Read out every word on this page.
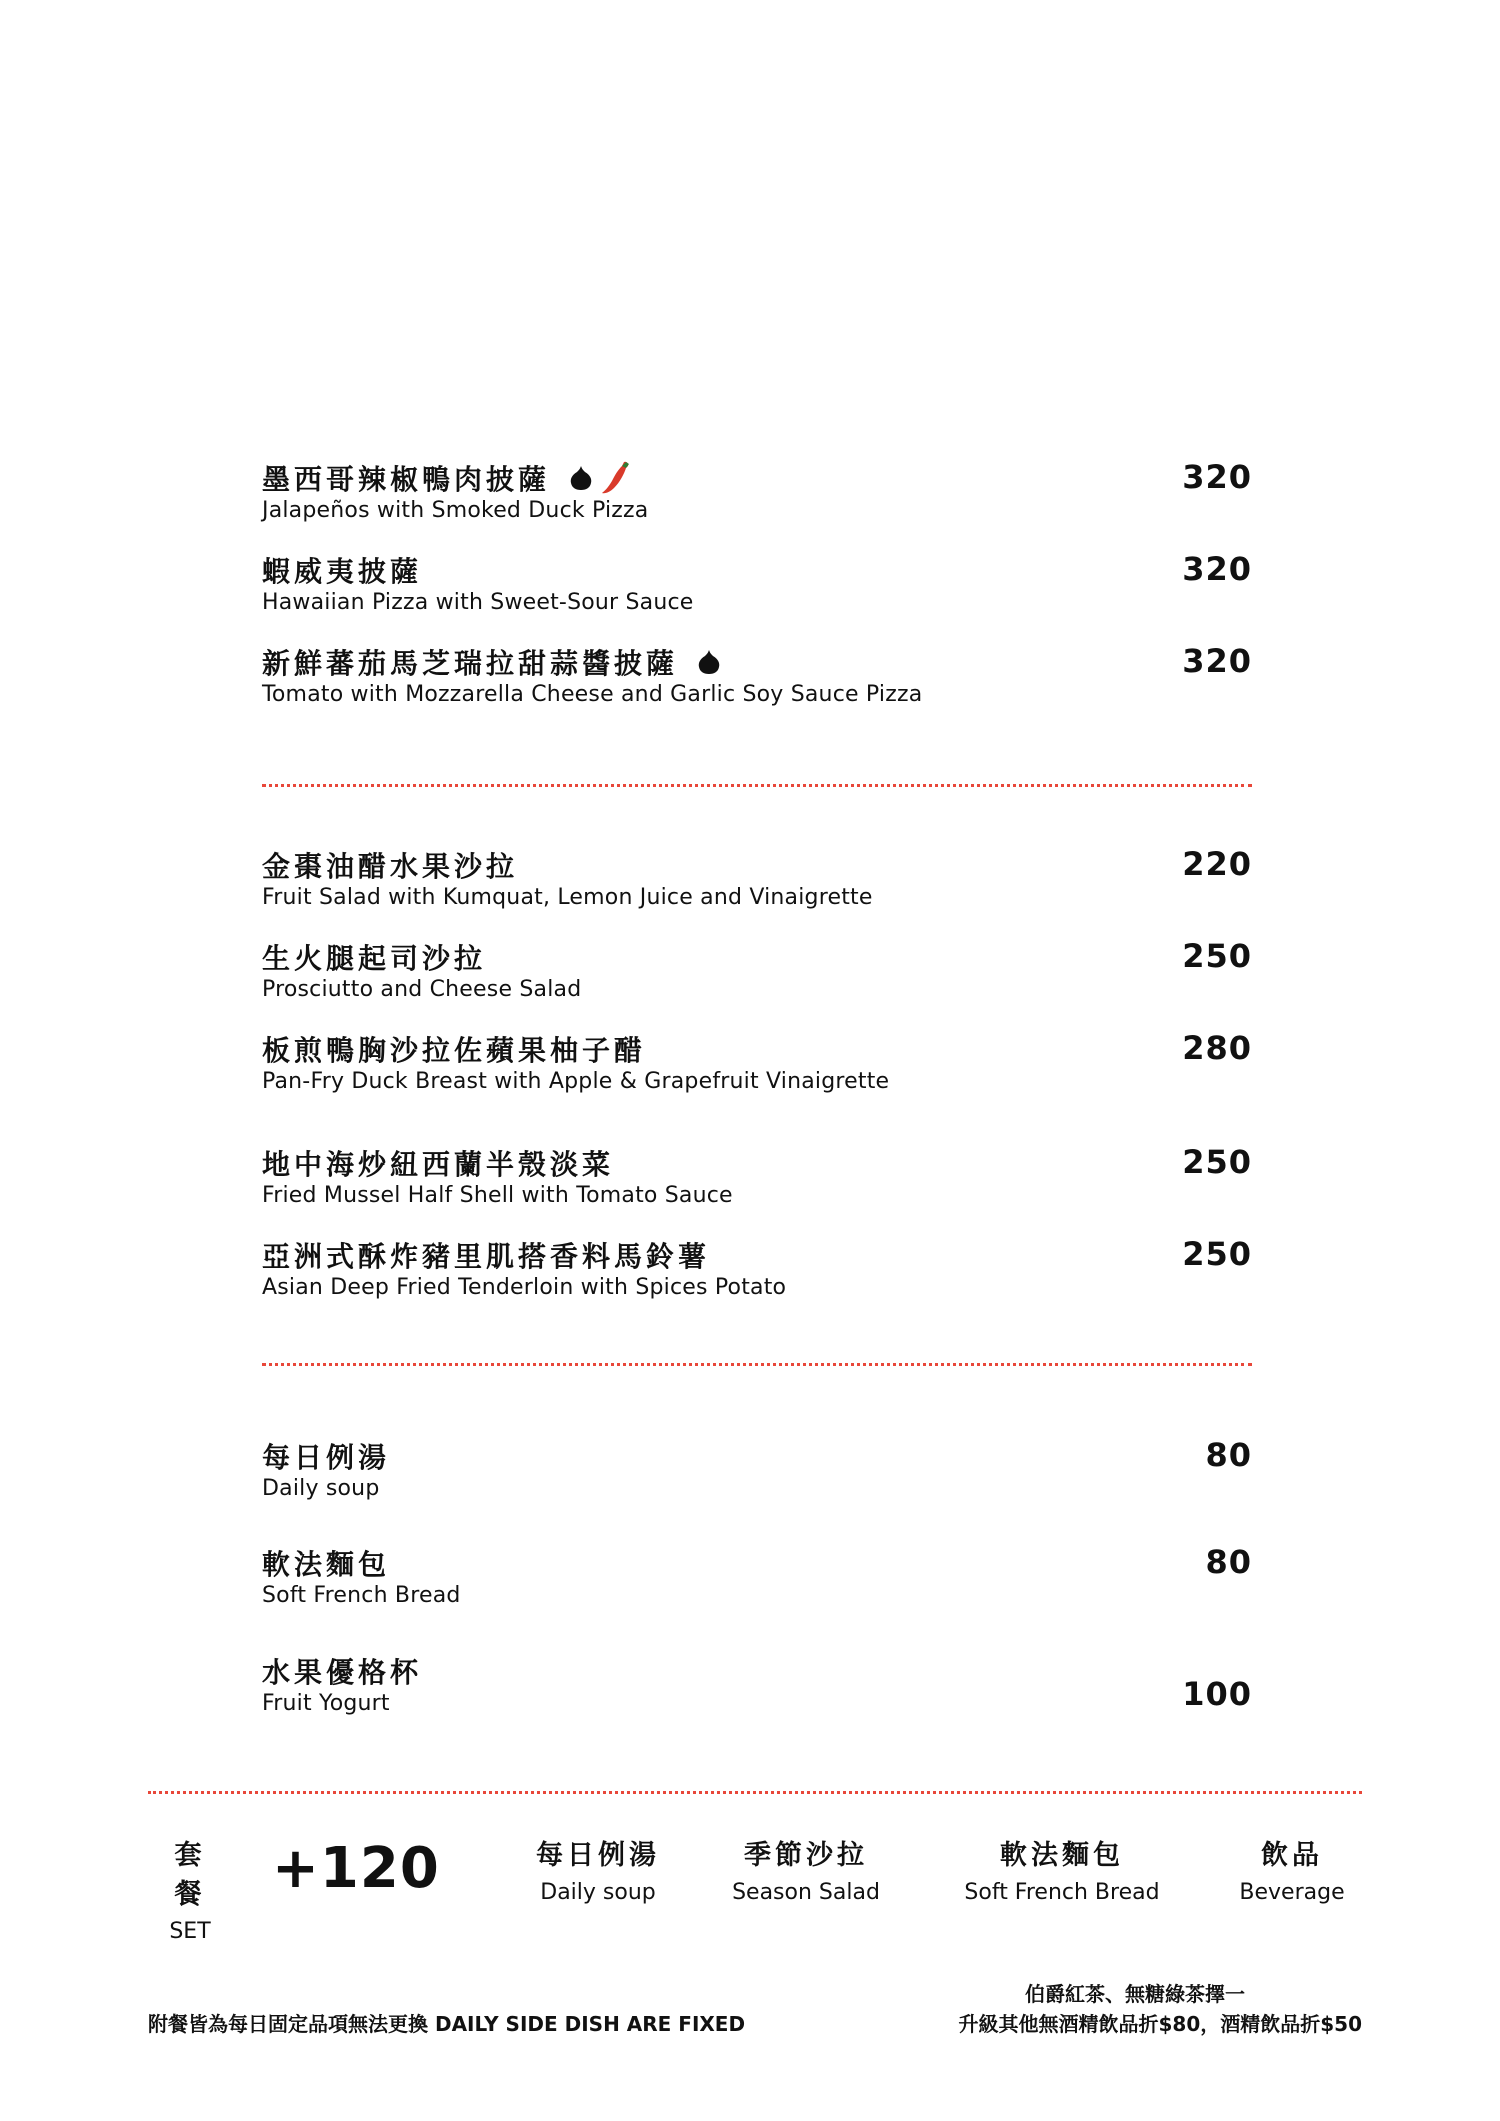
墨西哥辣椒鴨肉披薩
Jalapeños with Smoked Duck Pizza
320
蝦威夷披薩
Hawaiian Pizza with Sweet-Sour Sauce
320
新鮮蕃茄馬芝瑞拉甜蒜醬披薩
Tomato with Mozzarella Cheese and Garlic Soy Sauce Pizza
320
金棗油醋水果沙拉
Fruit Salad with Kumquat, Lemon Juice and Vinaigrette
220
生火腿起司沙拉
Prosciutto and Cheese Salad
250
板煎鴨胸沙拉佐蘋果柚子醋
Pan-Fry Duck Breast with Apple & Grapefruit Vinaigrette
280
地中海炒紐西蘭半殼淡菜
Fried Mussel Half Shell with Tomato Sauce
250
亞洲式酥炸豬里肌搭香料馬鈴薯
Asian Deep Fried Tenderloin with Spices Potato
250
每日例湯
Daily soup
80
軟法麵包
Soft French Bread
80
水果優格杯
Fruit Yogurt	100
套餐
SET
+120	每日例湯
Daily soup
季節沙拉
Season Salad
軟法麵包
Soft French Bread
飲品
Beverage
附餐皆為每日固定品項無法更換 DAILY SIDE DISH ARE FIXED
伯爵紅茶、無糖綠茶擇一
升級其他無酒精飲品折$80，酒精飲品折$50
